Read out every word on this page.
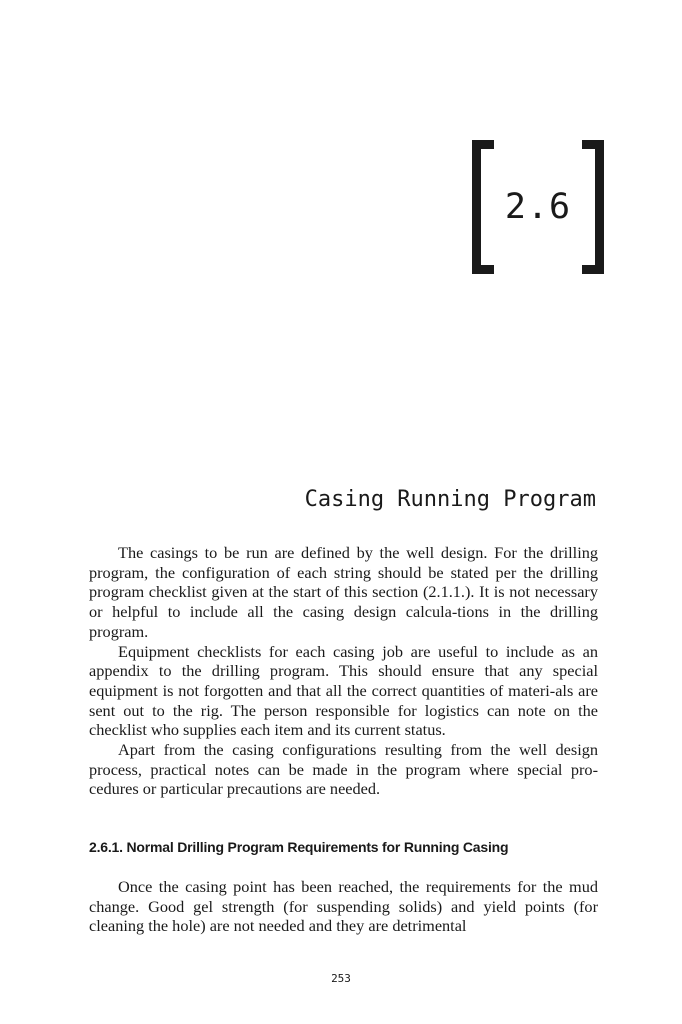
2.6
Casing Running Program

The casings to be run are defined by the well design. For the drilling program, the configuration of each string should be stated per the drilling program checklist given at the start of this section (2.1.1.). It is not necessary or helpful to include all the casing design calcula-tions in the drilling program.

Equipment checklists for each casing job are useful to include as an appendix to the drilling program. This should ensure that any special equipment is not forgotten and that all the correct quantities of materi-als are sent out to the rig. The person responsible for logistics can note on the checklist who supplies each item and its current status.

Apart from the casing configurations resulting from the well design process, practical notes can be made in the program where special pro-cedures or particular precautions are needed.

2.6.1. Normal Drilling Program Requirements for Running Casing

Once the casing point has been reached, the requirements for the mud change. Good gel strength (for suspending solids) and yield points (for cleaning the hole) are not needed and they are detrimental

253
